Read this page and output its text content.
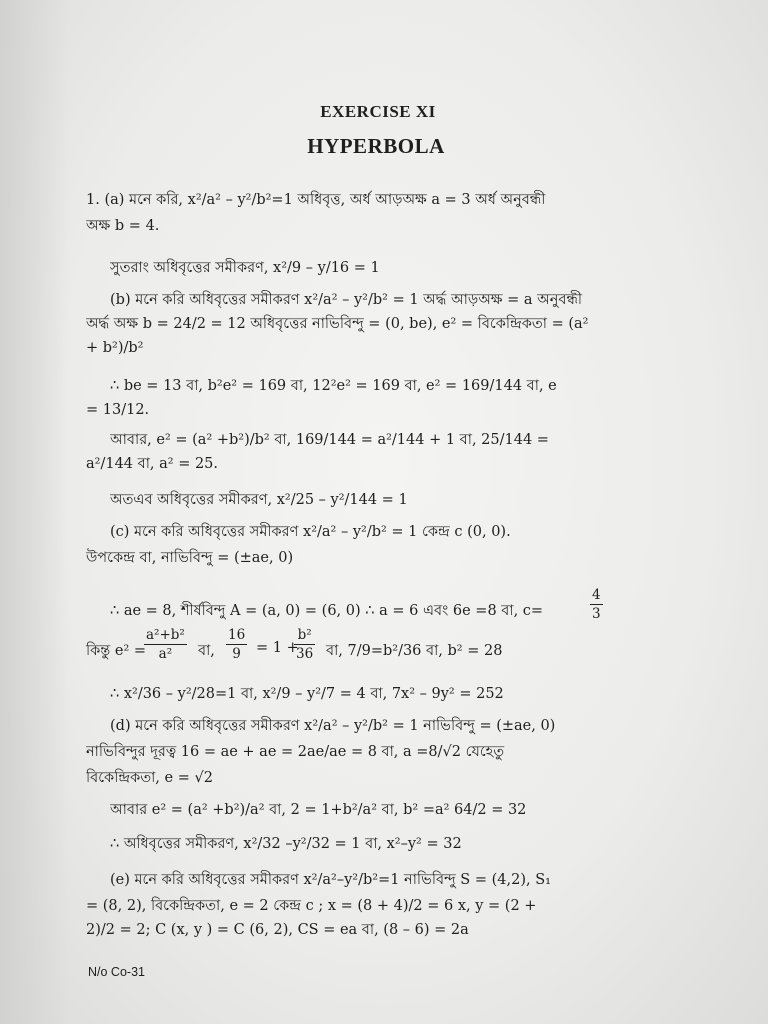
EXERCISE XI
HYPERBOLA
1. (a) মনে করি, x²/a² – y²/b²=1 অধিবৃত্ত, অর্ধ আড়অক্ষ a = 3 অর্ধ অনুবন্ধী
অক্ষ b = 4.
সুতরাং অধিবৃত্তের সমীকরণ, x²/9 – y/16 = 1
(b) মনে করি অধিবৃত্তের সমীকরণ x²/a² – y²/b² = 1 অর্দ্ধ আড়অক্ষ = a অনুবন্ধী
অর্দ্ধ অক্ষ b = 24/2 = 12 অধিবৃত্তের নাভিবিন্দু = (0, be), e² = বিকেন্দ্রিকতা = (a²
+ b²)/b²
∴ be = 13 বা, b²e² = 169 বা, 12²e² = 169 বা, e² = 169/144 বা, e
= 13/12.
আবার, e² = (a² +b²)/b² বা, 169/144 = a²/144 + 1 বা, 25/144 =
a²/144 বা, a² = 25.
অতএব অধিবৃত্তের সমীকরণ, x²/25 – y²/144 = 1
(c) মনে করি অধিবৃত্তের সমীকরণ x²/a² – y²/b² = 1 কেন্দ্র c (0, 0).
উপকেন্দ্র বা, নাভিবিন্দু = (±ae, 0)
∴ x²/36 – y²/28=1 বা, x²/9 – y²/7 = 4 বা, 7x² – 9y² = 252
(d) মনে করি অধিবৃত্তের সমীকরণ x²/a² – y²/b² = 1 নাভিবিন্দু = (±ae, 0)
নাভিবিন্দুর দূরত্ব 16 = ae + ae = 2ae/ae = 8 বা, a =8/√2 যেহেতু
বিকেন্দ্রিকতা, e = √2
আবার e² = (a² +b²)/a² বা, 2 = 1+b²/a² বা, b² =a² 64/2 = 32
∴ অধিবৃত্তের সমীকরণ, x²/32 –y²/32 = 1 বা, x²–y² = 32
(e) মনে করি অধিবৃত্তের সমীকরণ x²/a²–y²/b²=1 নাভিবিন্দু S = (4,2), S₁
= (8, 2), বিকেন্দ্রিকতা, e = 2 কেন্দ্র c ; x = (8 + 4)/2 = 6 x, y = (2 +
2)/2 = 2; C (x, y ) = C (6, 2), CS = ea বা, (8 – 6) = 2a
∴ ae = 8, শীর্ষবিন্দু A = (a, 0) = (6, 0) ∴ a = 6 এবং 6e =8 বা, c=	$\frac{4}{3}$
কিন্তু e² =
$\frac{\text{a²+b²}}{\text{a²}}$ বা, $\frac{16}{9} = 1$ +
$\frac{\text{b²}}{36}$ বা, 7/9=b²/36 বা, b² = 28
N/o Co-31
